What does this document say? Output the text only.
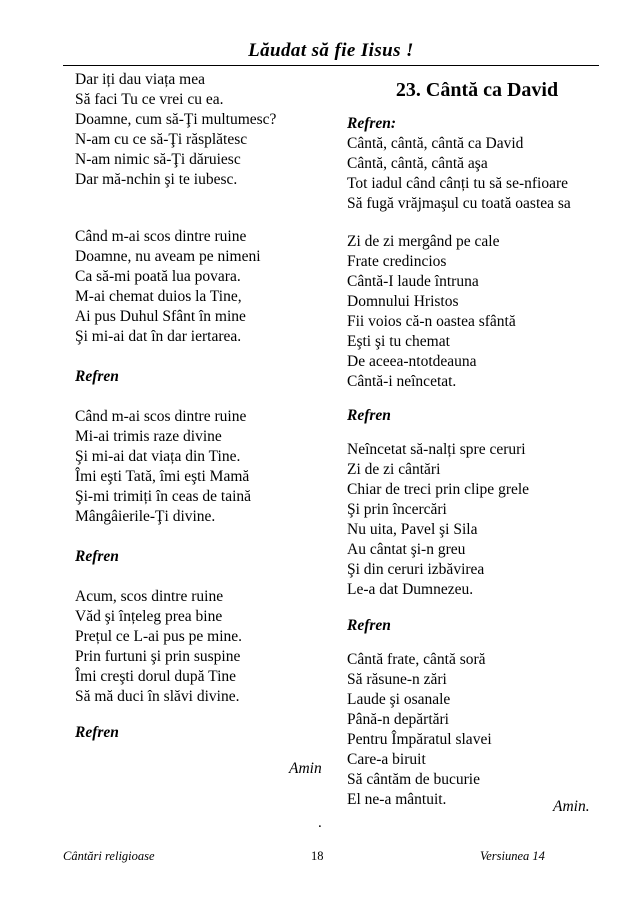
Lăudat să fie Iisus !
Dar iți dau viața mea
Să faci Tu ce vrei cu ea.
Doamne, cum să-Ţi multumesc?
N-am cu ce să-Ţi răsplătesc
N-am nimic să-Ţi dăruiesc
Dar mă-nchin şi te iubesc.
Când m-ai scos dintre ruine
Doamne, nu aveam pe nimeni
Ca să-mi poată lua povara.
M-ai chemat duios la Tine,
Ai pus Duhul Sfânt în mine
Şi mi-ai dat în dar iertarea.
Refren
Când m-ai scos dintre ruine
Mi-ai trimis raze divine
Şi mi-ai dat viața din Tine.
Îmi eşti Tată, îmi eşti Mamă
Şi-mi trimiți în ceas de taină
Mângâierile-Ţi divine.
Refren
Acum, scos dintre ruine
Văd şi înțeleg prea bine
Prețul ce L-ai pus pe mine.
Prin furtuni şi prin suspine
Îmi creşti dorul după Tine
Să mă duci în slăvi divine.
Refren
Amin
23. Cântă ca David
Refren:
Cântă, cântă, cântă ca David
Cântă, cântă, cântă aşa
Tot iadul când cânți tu să se-nfioare
Să fugă vrăjmaşul cu toată oastea sa
Zi de zi mergând pe cale
Frate credincios
Cântă-I laude întruna
Domnului Hristos
Fii voios că-n oastea sfântă
Eşti şi tu chemat
De aceea-ntotdeauna
Cântă-i neîncetat.
Refren
Neîncetat să-nalți spre ceruri
Zi de zi cântări
Chiar de treci prin clipe grele
Şi prin încercări
Nu uita, Pavel şi Sila
Au cântat şi-n greu
Şi din ceruri izbăvirea
Le-a dat Dumnezeu.
Refren
Cântă frate, cântă soră
Să răsune-n zări
Laude şi osanale
Până-n depărtări
Pentru Împăratul slavei
Care-a biruit
Să cântăm de bucurie
El ne-a mântuit.	Amin.
.
Cântări religioase	18	Versiunea 14
